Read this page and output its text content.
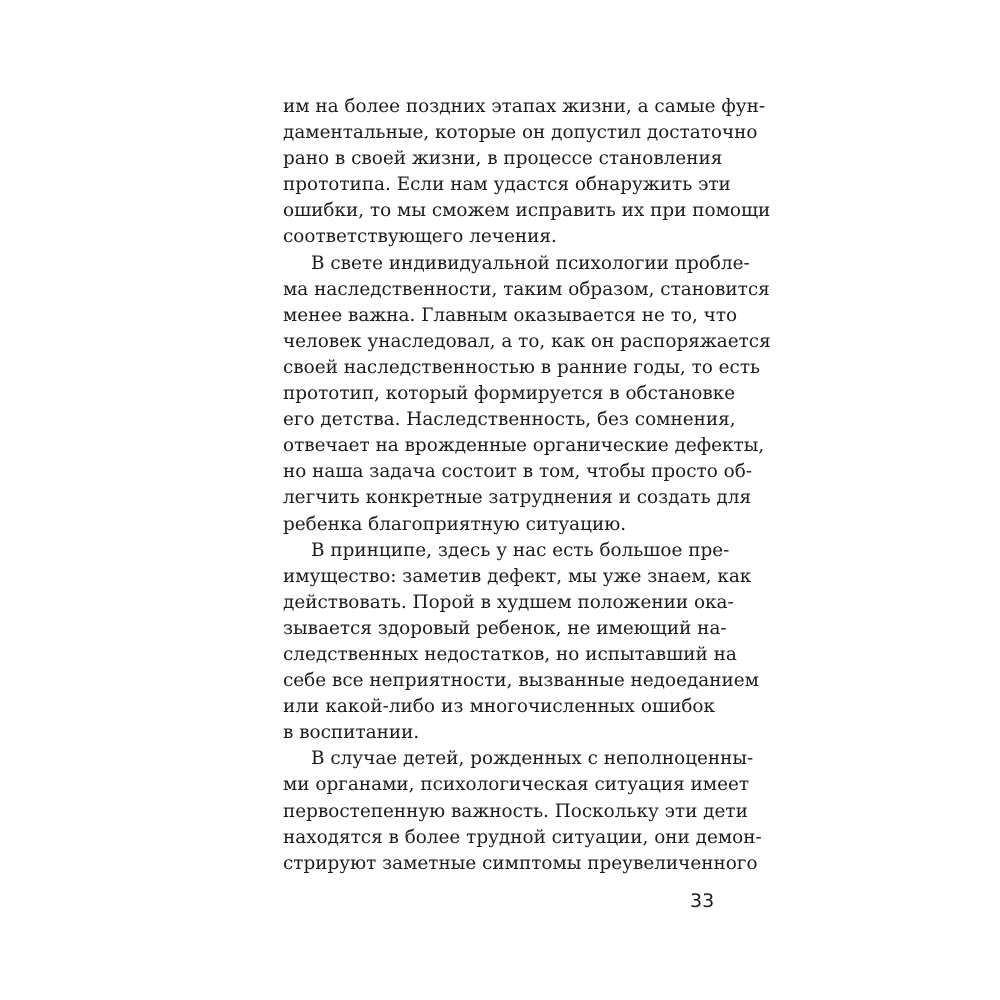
им на более поздних этапах жизни, а самые фун-
даментальные, которые он допустил достаточно
рано в своей жизни, в процессе становления
прототипа. Если нам удастся обнаружить эти
ошибки, то мы сможем исправить их при помощи
соответствующего лечения.

В свете индивидуальной психологии пробле-
ма наследственности, таким образом, становится
менее важна. Главным оказывается не то, что
человек унаследовал, а то, как он распоряжается
своей наследственностью в ранние годы, то есть
прототип, который формируется в обстановке
его детства. Наследственность, без сомнения,
отвечает на врожденные органические дефекты,
но наша задача состоит в том, чтобы просто об-
легчить конкретные затруднения и создать для
ребенка благоприятную ситуацию.

В принципе, здесь у нас есть большое пре-
имущество: заметив дефект, мы уже знаем, как
действовать. Порой в худшем положении ока-
зывается здоровый ребенок, не имеющий на-
следственных недостатков, но испытавший на
себе все неприятности, вызванные недоеданием
или какой-либо из многочисленных ошибок
в воспитании.

В случае детей, рожденных с неполноценны-
ми органами, психологическая ситуация имеет
первостепенную важность. Поскольку эти дети
находятся в более трудной ситуации, они демон-
стрируют заметные симптомы преувеличенного

33
